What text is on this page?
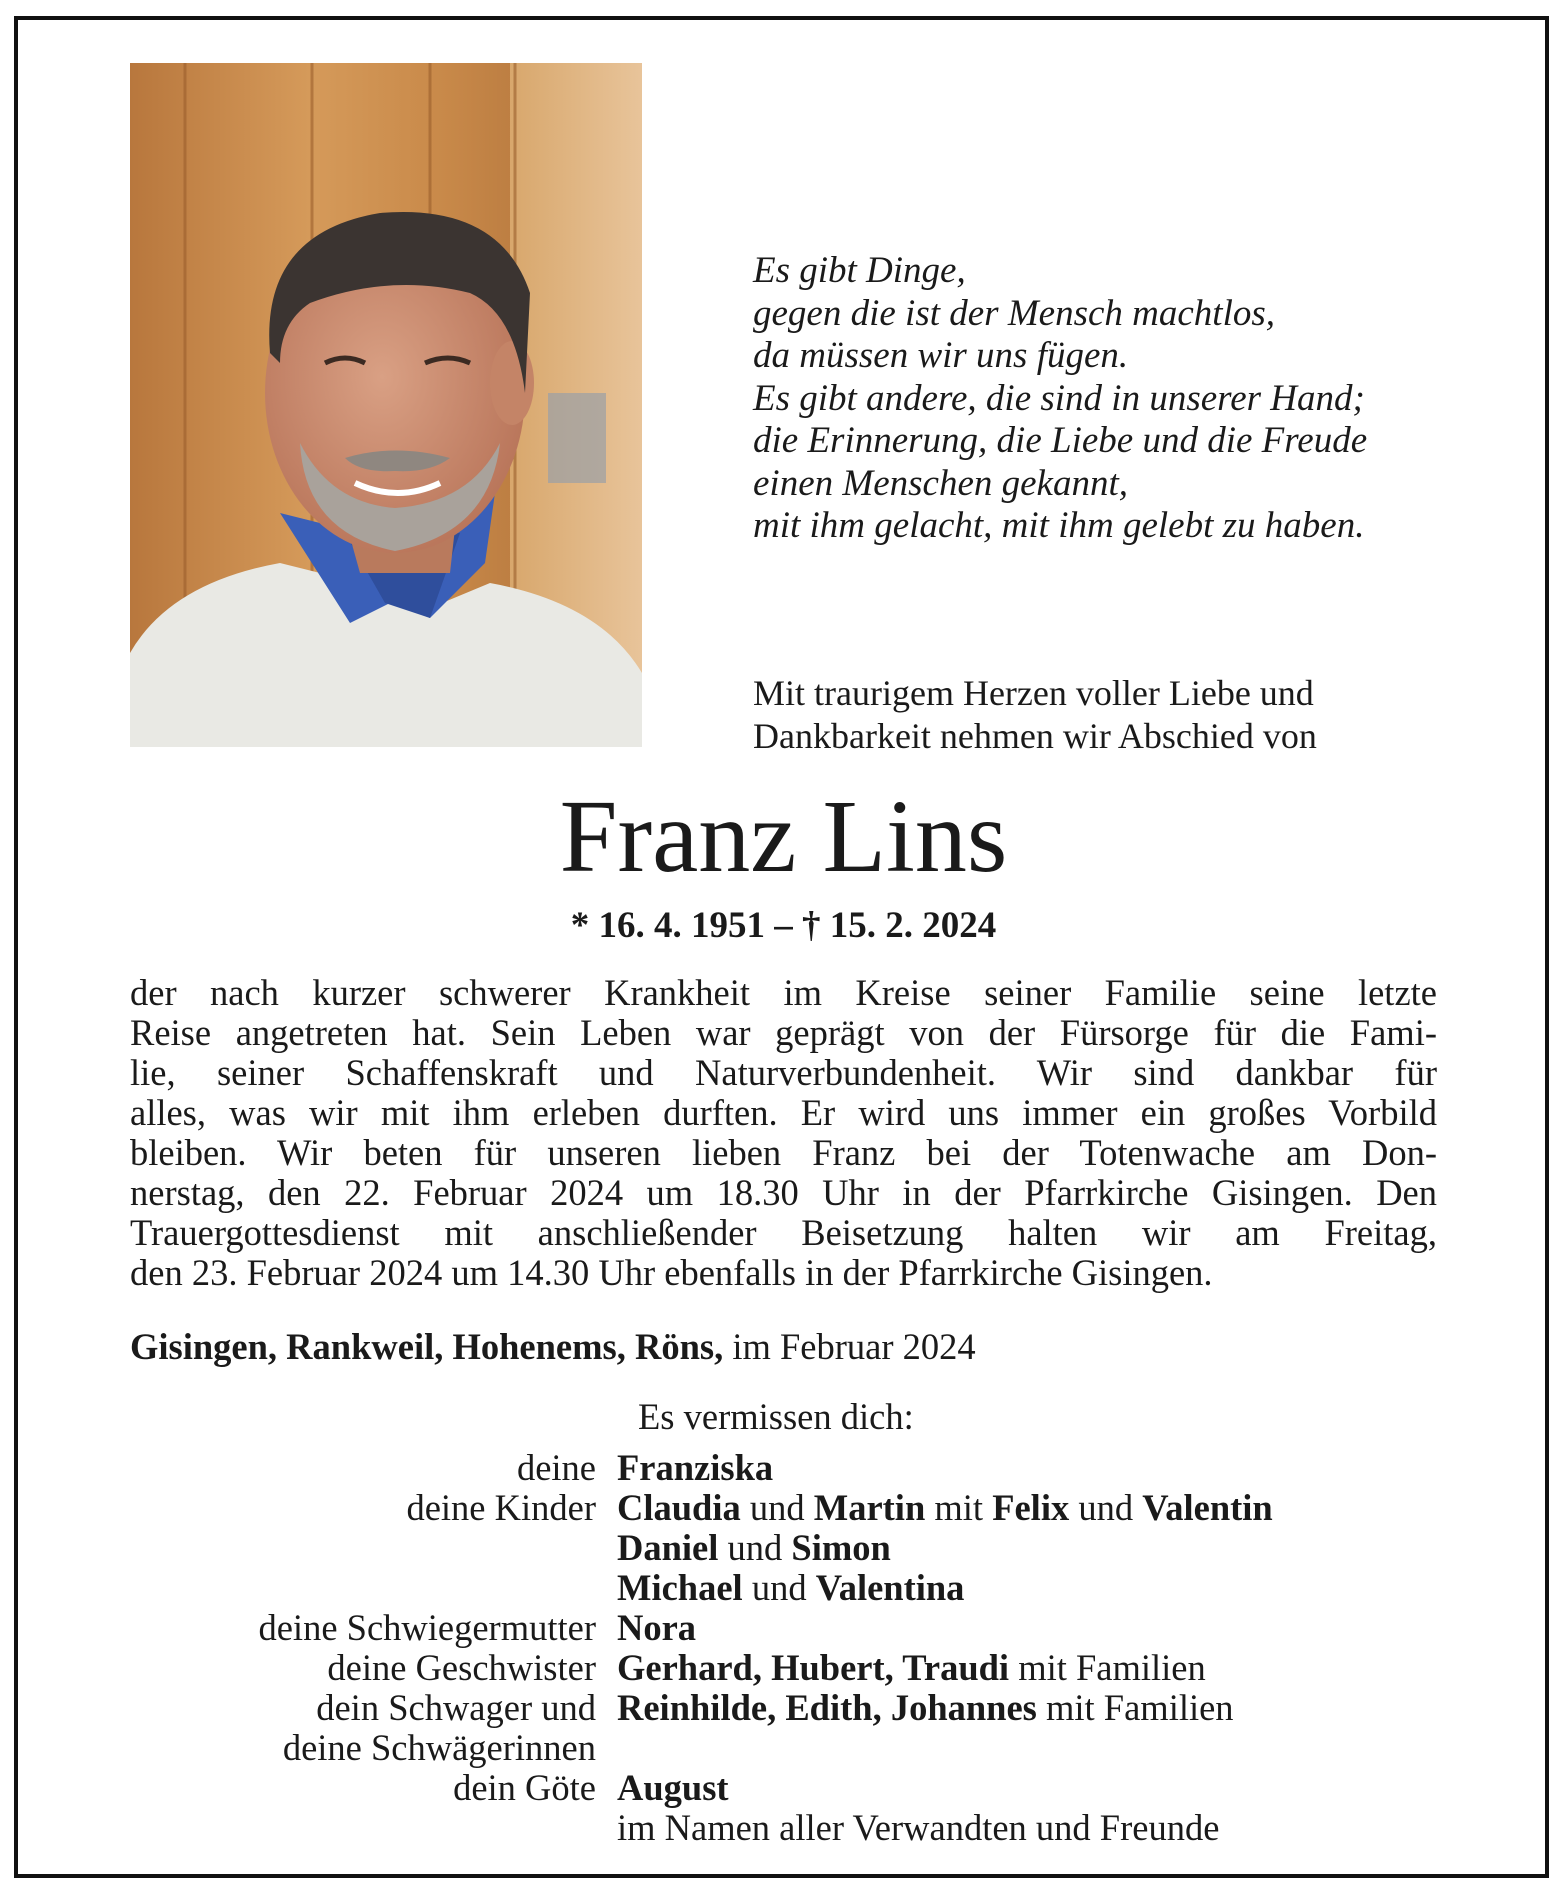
Es gibt Dinge,
gegen die ist der Mensch machtlos,
da müssen wir uns fügen.
Es gibt andere, die sind in unserer Hand;
die Erinnerung, die Liebe und die Freude
einen Menschen gekannt,
mit ihm gelacht, mit ihm gelebt zu haben.
Mit traurigem Herzen voller Liebe und
Dankbarkeit nehmen wir Abschied von
Franz Lins
* 16. 4. 1951 – † 15. 2. 2024
der nach kurzer schwerer Krankheit im Kreise seiner Familie seine letzte
Reise angetreten hat. Sein Leben war geprägt von der Fürsorge für die Fami-
lie, seiner Schaffenskraft und Naturverbundenheit. Wir sind dankbar für
alles, was wir mit ihm erleben durften. Er wird uns immer ein großes Vorbild
bleiben. Wir beten für unseren lieben Franz bei der Totenwache am Don-
nerstag, den 22. Februar 2024 um 18.30 Uhr in der Pfarrkirche Gisingen. Den
Trauergottesdienst mit anschließender Beisetzung halten wir am Freitag,
den 23. Februar 2024 um 14.30 Uhr ebenfalls in der Pfarrkirche Gisingen.
Gisingen, Rankweil, Hohenems, Röns, im Februar 2024
Es vermissen dich:
deine Franziska
deine Kinder Claudia und Martin mit Felix und Valentin
Daniel und Simon
Michael und Valentina
deine Schwiegermutter Nora
deine Geschwister Gerhard, Hubert, Traudi mit Familien
dein Schwager und Reinhilde, Edith, Johannes mit Familien
deine Schwägerinnen
dein Göte August
im Namen aller Verwandten und Freunde
